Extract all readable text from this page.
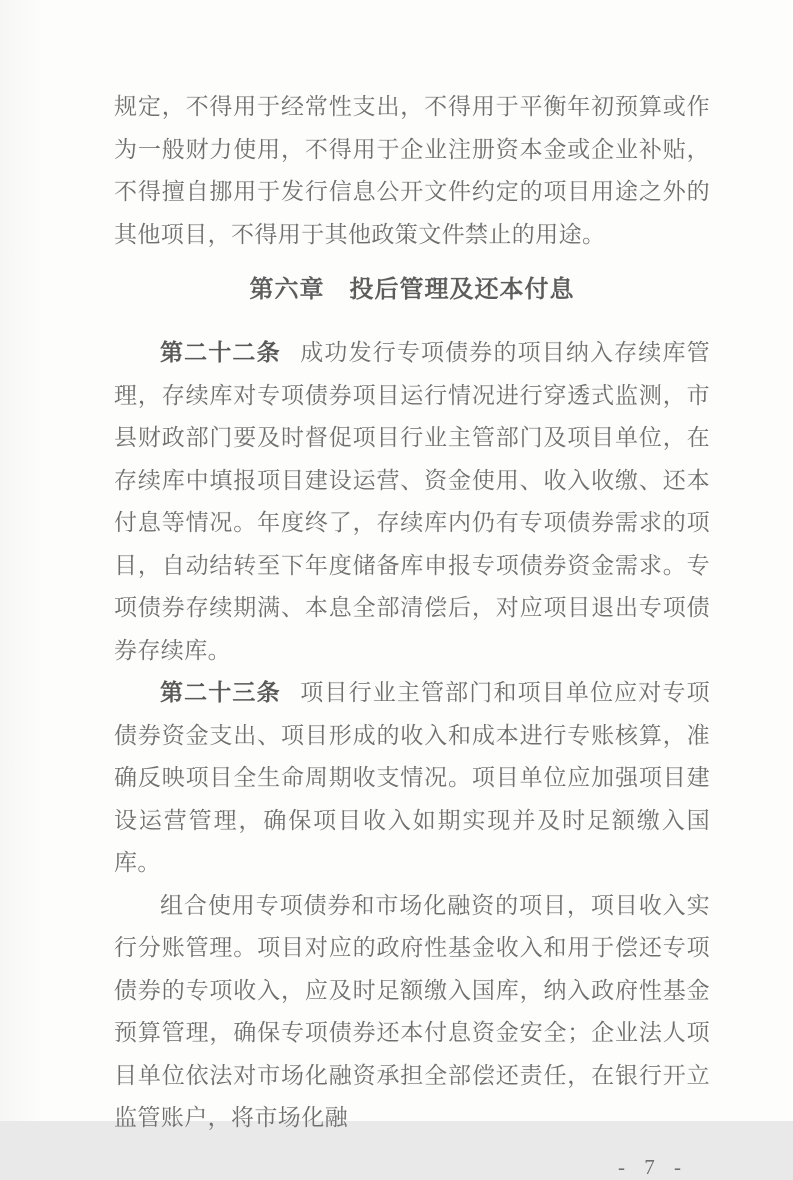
规定，不得用于经常性支出，不得用于平衡年初预算或作为一般财力使用，不得用于企业注册资本金或企业补贴，不得擅自挪用于发行信息公开文件约定的项目用途之外的其他项目，不得用于其他政策文件禁止的用途。

第六章　投后管理及还本付息

第二十二条 成功发行专项债券的项目纳入存续库管理，存续库对专项债券项目运行情况进行穿透式监测，市县财政部门要及时督促项目行业主管部门及项目单位，在存续库中填报项目建设运营、资金使用、收入收缴、还本付息等情况。年度终了，存续库内仍有专项债券需求的项目，自动结转至下年度储备库申报专项债券资金需求。专项债券存续期满、本息全部清偿后，对应项目退出专项债券存续库。

第二十三条 项目行业主管部门和项目单位应对专项债券资金支出、项目形成的收入和成本进行专账核算，准确反映项目全生命周期收支情况。项目单位应加强项目建设运营管理，确保项目收入如期实现并及时足额缴入国库。

组合使用专项债券和市场化融资的项目，项目收入实行分账管理。项目对应的政府性基金收入和用于偿还专项债券的专项收入，应及时足额缴入国库，纳入政府性基金预算管理，确保专项债券还本付息资金安全；企业法人项目单位依法对市场化融资承担全部偿还责任，在银行开立监管账户，将市场化融

- 7 -
